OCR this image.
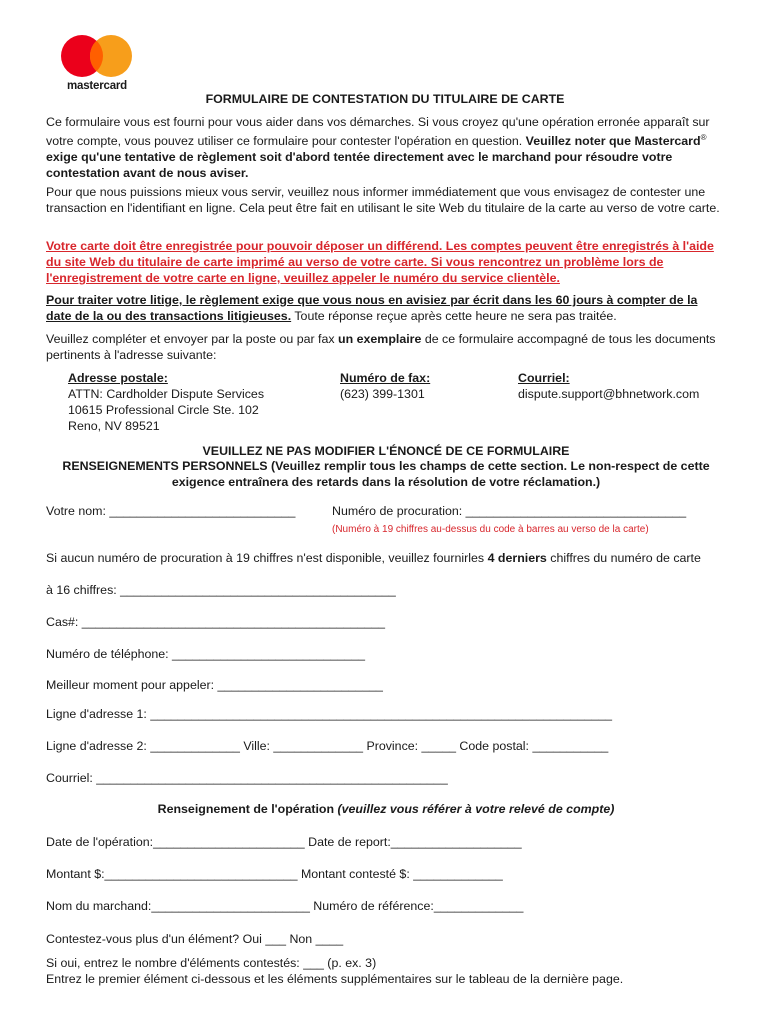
mastercard
FORMULAIRE DE CONTESTATION DU TITULAIRE DE CARTE
Ce formulaire vous est fourni pour vous aider dans vos démarches. Si vous croyez qu'une opération erronée apparaît sur votre compte, vous pouvez utiliser ce formulaire pour contester l'opération en question. Veuillez noter que Mastercard® exige qu'une tentative de règlement soit d'abord tentée directement avec le marchand pour résoudre votre contestation avant de nous aviser.
Pour que nous puissions mieux vous servir, veuillez nous informer immédiatement que vous envisagez de contester une transaction en l'identifiant en ligne. Cela peut être fait en utilisant le site Web du titulaire de la carte au verso de votre carte.
Votre carte doit être enregistrée pour pouvoir déposer un différend. Les comptes peuvent être enregistrés à l'aide du site Web du titulaire de carte imprimé au verso de votre carte. Si vous rencontrez un problème lors de l'enregistrement de votre carte en ligne, veuillez appeler le numéro du service clientèle.
Pour traiter votre litige, le règlement exige que vous nous en avisiez par écrit dans les 60 jours à compter de la date de la ou des transactions litigieuses. Toute réponse reçue après cette heure ne sera pas traitée.
Veuillez compléter et envoyer par la poste ou par fax un exemplaire de ce formulaire accompagné de tous les documents pertinents à l'adresse suivante:
Adresse postale:
ATTN: Cardholder Dispute Services
10615 Professional Circle Ste. 102
Reno, NV 89521
Numéro de fax:
(623) 399-1301
Courriel:
dispute.support@bhnetwork.com
VEUILLEZ NE PAS MODIFIER L'ÉNONCÉ DE CE FORMULAIRE
RENSEIGNEMENTS PERSONNELS (Veuillez remplir tous les champs de cette section. Le non-respect de cette exigence entraînera des retards dans la résolution de votre réclamation.)
Votre nom: ___________________________	Numéro de procuration: ________________________________
(Numéro à 19 chiffres au-dessus du code à barres au verso de la carte)
Si aucun numéro de procuration à 19 chiffres n'est disponible, veuillez fournirles 4 derniers chiffres du numéro de carte
à 16 chiffres: ________________________________________
Cas#: ____________________________________________
Numéro de téléphone: ____________________________
Meilleur moment pour appeler: ________________________
Ligne d'adresse 1: ___________________________________________________________________
Ligne d'adresse 2: _____________ Ville: _____________ Province: _____ Code postal: ___________
Courriel: ___________________________________________________
Renseignement de l'opération (veuillez vous référer à votre relevé de compte)
Date de l'opération:______________________ Date de report:___________________
Montant $:____________________________ Montant contesté $: _____________
Nom du marchand:_______________________ Numéro de référence:_____________
Contestez-vous plus d'un élément? Oui ___ Non ____
Si oui, entrez le nombre d'éléments contestés: ___ (p. ex. 3)
Entrez le premier élément ci-dessous et les éléments supplémentaires sur le tableau de la dernière page.
